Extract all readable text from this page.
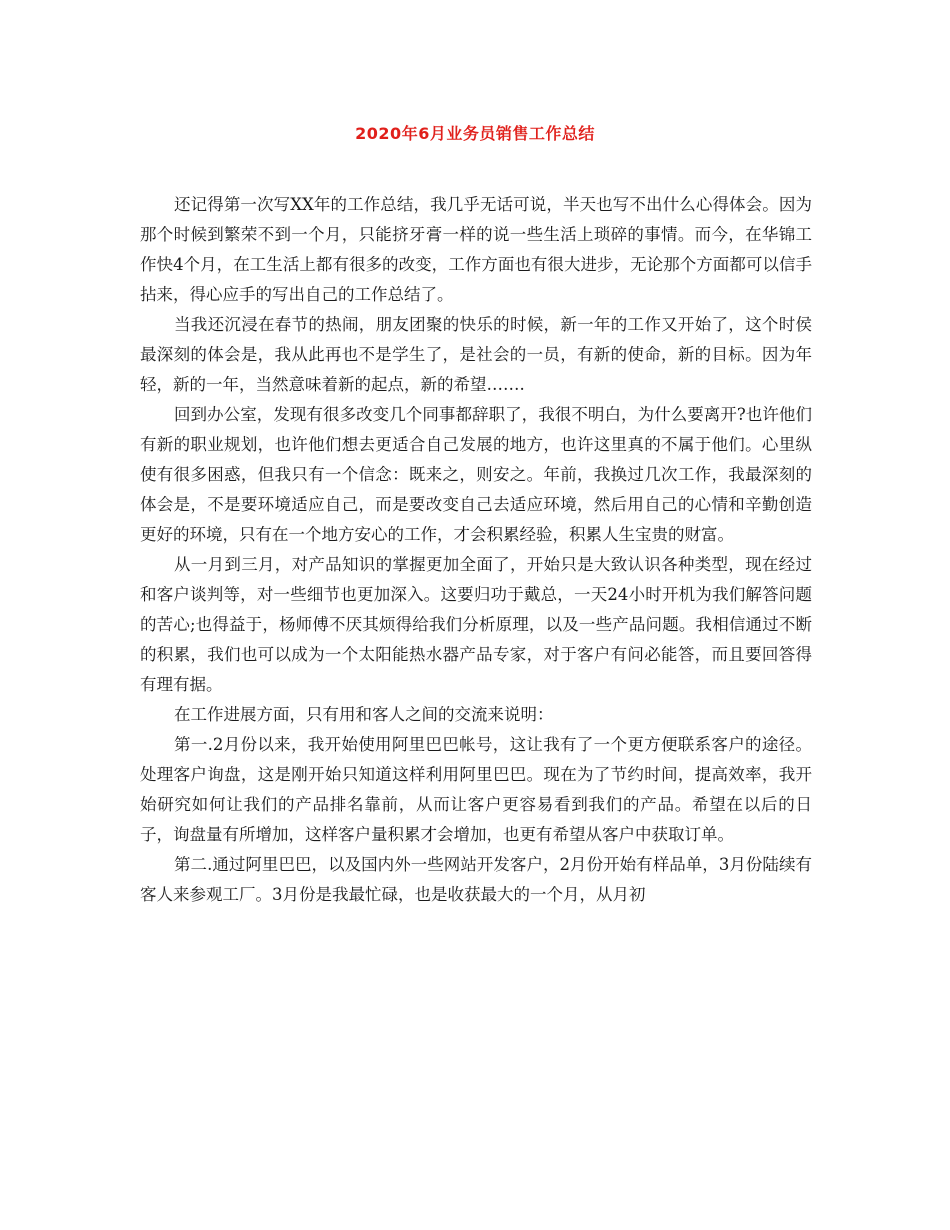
2020年6月业务员销售工作总结

还记得第一次写XX年的工作总结，我几乎无话可说，半天也写不出什么心得体会。因为那个时候到繁荣不到一个月，只能挤牙膏一样的说一些生活上琐碎的事情。而今，在华锦工作快4个月，在工生活上都有很多的改变，工作方面也有很大进步，无论那个方面都可以信手拈来，得心应手的写出自己的工作总结了。

当我还沉浸在春节的热闹，朋友团聚的快乐的时候，新一年的工作又开始了，这个时侯最深刻的体会是，我从此再也不是学生了，是社会的一员，有新的使命，新的目标。因为年轻，新的一年，当然意味着新的起点，新的希望…….

回到办公室，发现有很多改变几个同事都辞职了，我很不明白，为什么要离开?也许他们有新的职业规划，也许他们想去更适合自己发展的地方，也许这里真的不属于他们。心里纵使有很多困惑，但我只有一个信念：既来之，则安之。年前，我换过几次工作，我最深刻的体会是，不是要环境适应自己，而是要改变自己去适应环境，然后用自己的心情和辛勤创造更好的环境，只有在一个地方安心的工作，才会积累经验，积累人生宝贵的财富。

从一月到三月，对产品知识的掌握更加全面了，开始只是大致认识各种类型，现在经过和客户谈判等，对一些细节也更加深入。这要归功于戴总，一天24小时开机为我们解答问题的苦心;也得益于，杨师傅不厌其烦得给我们分析原理，以及一些产品问题。我相信通过不断的积累，我们也可以成为一个太阳能热水器产品专家，对于客户有问必能答，而且要回答得有理有据。

在工作进展方面，只有用和客人之间的交流来说明：

第一.2月份以来，我开始使用阿里巴巴帐号，这让我有了一个更方便联系客户的途径。处理客户询盘，这是刚开始只知道这样利用阿里巴巴。现在为了节约时间，提高效率，我开始研究如何让我们的产品排名靠前，从而让客户更容易看到我们的产品。希望在以后的日子，询盘量有所增加，这样客户量积累才会增加，也更有希望从客户中获取订单。

第二.通过阿里巴巴，以及国内外一些网站开发客户，2月份开始有样品单，3月份陆续有客人来参观工厂。3月份是我最忙碌，也是收获最大的一个月，从月初
